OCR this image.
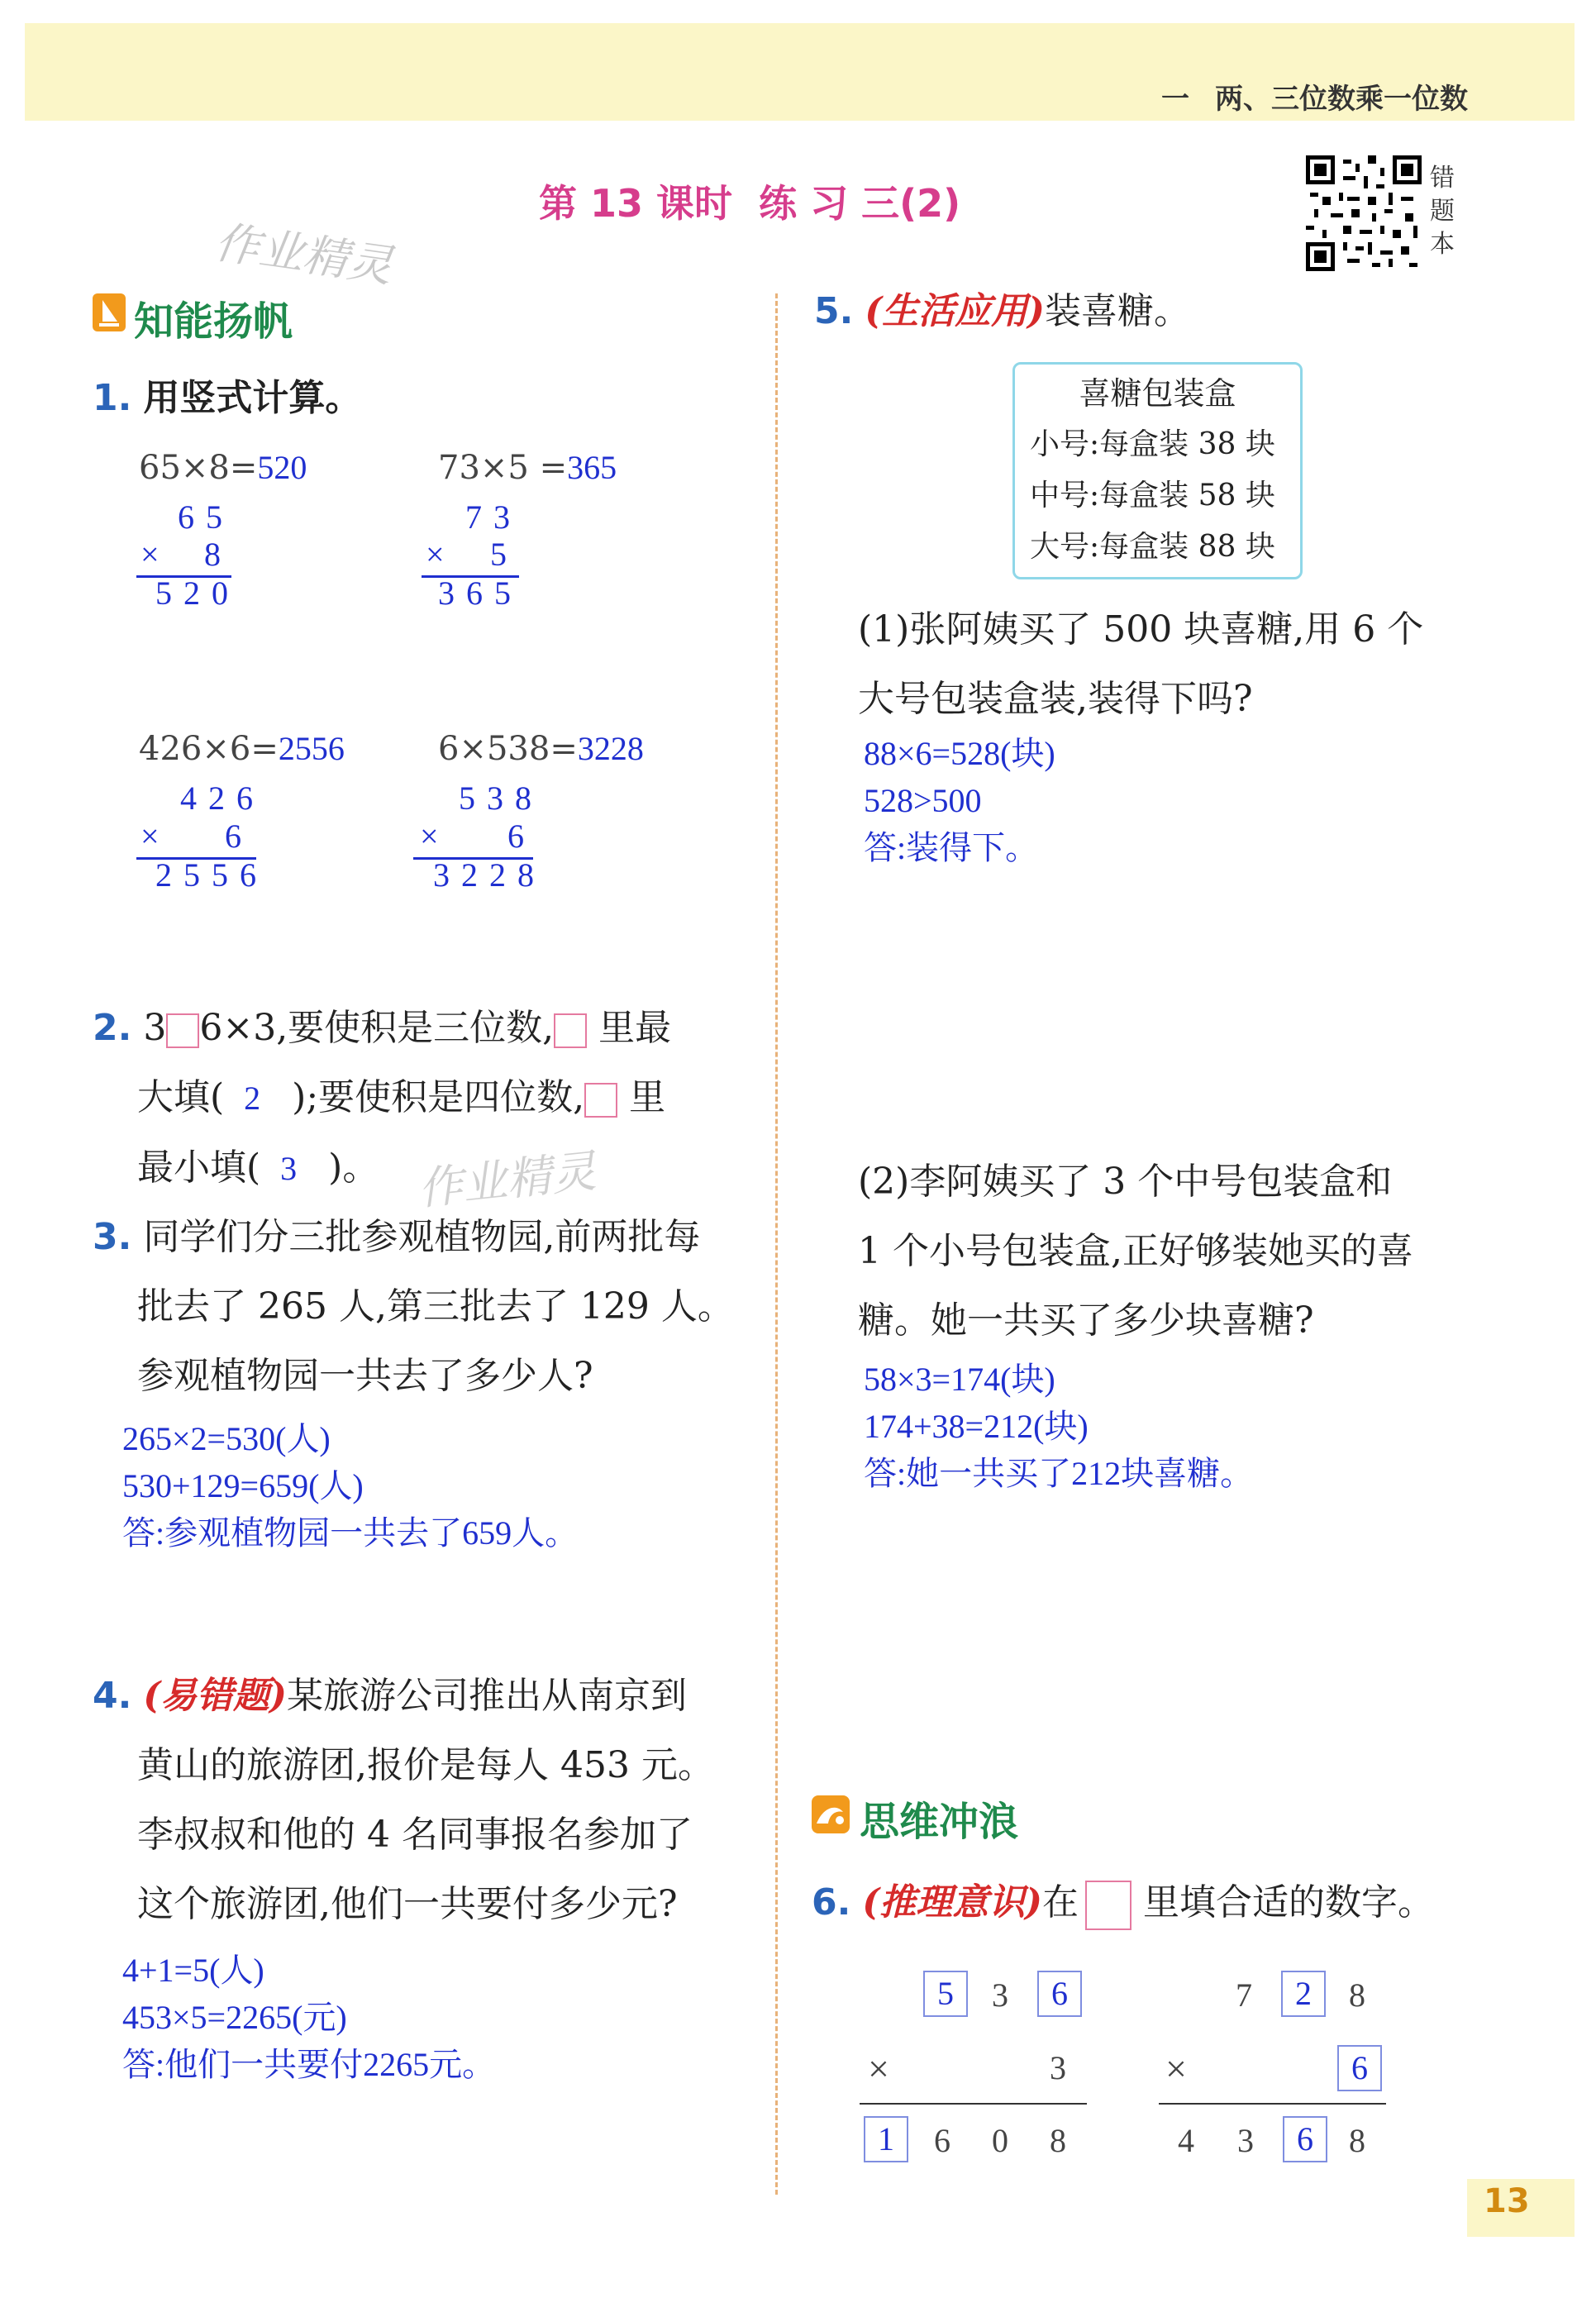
一 两、三位数乘一位数
第 13 课时  练 习 三(2)
作业精灵
作业精灵
错
题
本
知能扬帆
1. 用竖式计算。
65×8=520
65
× 8
520
73×5 =365
73
× 5
365
426×6=2556
426
× 6
2556
6×538=3228
538
× 6
3228
2. 3 6×3,要使积是三位数, 里最
大填( 2 );要使积是四位数, 里
最小填( 3 )。
3. 同学们分三批参观植物园,前两批每
批去了 265 人,第三批去了 129 人。
参观植物园一共去了多少人?
265×2=530(人)
530+129=659(人)
答:参观植物园一共去了659人。
4. (易错题)某旅游公司推出从南京到
黄山的旅游团,报价是每人 453 元。
李叔叔和他的 4 名同事报名参加了
这个旅游团,他们一共要付多少元?
4+1=5(人)
453×5=2265(元)
答:他们一共要付2265元。
5. (生活应用)装喜糖。
喜糖包装盒
小号:每盒装 38 块
中号:每盒装 58 块
大号:每盒装 88 块
(1)张阿姨买了 500 块喜糖,用 6 个
大号包装盒装,装得下吗?
88×6=528(块)
528>500
答:装得下。
(2)李阿姨买了 3 个中号包装盒和
1 个小号包装盒,正好够装她买的喜
糖。她一共买了多少块喜糖?
58×3=174(块)
174+38=212(块)
答:她一共买了212块喜糖。
思维冲浪
6. (推理意识)在 里填合适的数字。
5	3	6
×	3
1	6 0 8
7	2	8
×	6
4 3	6	8
13
